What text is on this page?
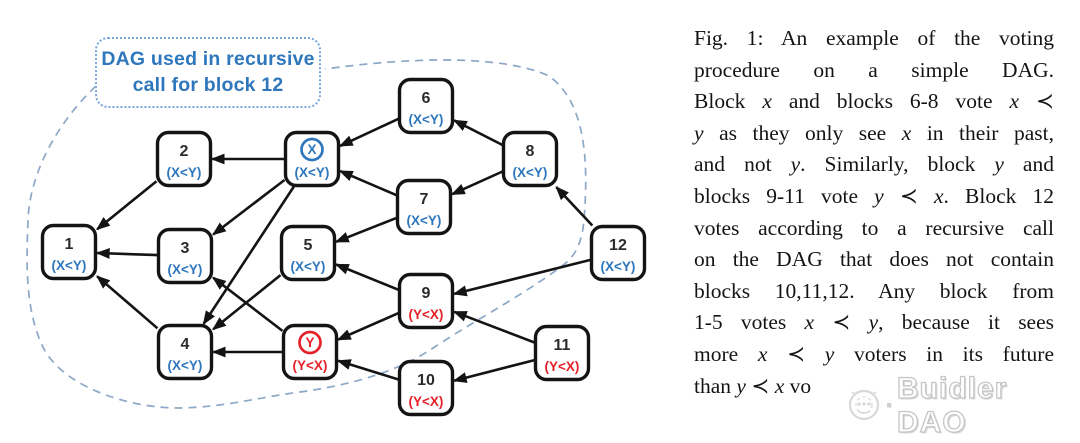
1
(X<Y)
2
(X<Y)
3
(X<Y)
4
(X<Y)
X
(X<Y)
5
(X<Y)
Y
(Y<X)
6
(X<Y)
7
(X<Y)
8
(X<Y)
9
(Y<X)
10
(Y<X)
11
(Y<X)
12
(X<Y)
DAG used in recursive
call for block 12
Fig. 1: An example of the voting
procedure on a simple DAG.
Block x and blocks 6-8 vote x ≺
y as they only see x in their past,
and not y. Similarly, block y and
blocks 9-11 vote y ≺ x. Block 12
votes according to a recursive call
on the DAG that does not contain
blocks 10,11,12. Any block from
1-5 votes x ≺ y, because it sees
more x ≺ y voters in its future
than y ≺ x vo
·
Buidler DAO
